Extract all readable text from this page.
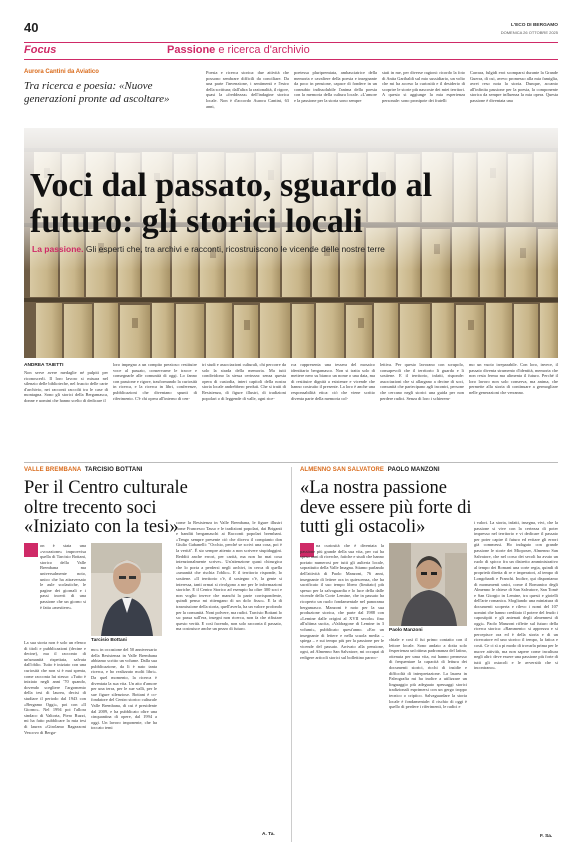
40	L'ECO DI BERGAMO
DOMENICA 26 OTTOBRE 2025
Focus	Passione e ricerca d'archivio
Aurora Cantini da Aviatico
Tra ricerca e poesia: «Nuove generazioni pronte ad ascoltare»
Poesia e ricerca storica: due attività che possono sembrare difficili da conciliare. Da una parte l'invenzione, i sentimenti e l'estro della scrittura; dall'altra la razionalità, il rigore, quasi la «freddezza» dell'indagine storica locale. Non è d'accordo Aurora Cantini, 63 anni,
poetessa pluripremiata, ambasciatrice della memoria e cavaliere della poesia e insegnante da poco in pensione, capace di fondere in un connubio indissolubile l'anima della poesia con la memoria della cultura locale. «L'amore e la passione per la storia sono sempre
stati in me, per diverse ragioni: ricordo la foto di Anita Garibaldi sul mio sussidiario, un volto che mi ha acceso la curiosità e il desiderio di scoprire le storie più nascoste dei miei territori. A questo si aggiunge la mia esperienza personale: sono pronipote dei fratelli
Carrara, fulgidi eroi scomparsi durante la Grande Guerra, di cui, avevo promesso alla mia famiglia, avrei reso nota la storia. Dunque, accanto all'infinita passione per la poesia, la componente storica da sempre influenza la mia opera. Questa passione è diventata una
Voci dal passato, sguardo al futuro: gli storici locali
La passione. Gli esperti che, tra archivi e racconti, ricostruiscono le vicende delle nostre terre
ANDREA TAIETTI
Non serve avere medaglie né pulpiti per riconoscerli. Il loro lavoro si misura nel silenzio delle biblioteche, nel fruscio delle carte d'archivio, nei racconti raccolti tra le case di montagna. Sono gli storici della Bergamasca, donne e uomini che hanno scelto di dedicare il
loro impegno a un compito prezioso: restituire voce al passato, conservarne le tracce e consegnarle alle comunità di oggi. Lo fanno con passione e rigore, trasformando la curiosità in ricerca, e la ricerca in libri, conferenze, pubblicazioni che diventano spunti di riferimento. C'è chi opera all'interno di cen-
tri studi e associazioni culturali, chi percorre da solo la strada della memoria. Ma tutti condividono la stessa certezza: senza questa opera di custodia, interi capitoli della nostra storia locale andrebbero perduti. Che si tratti di Resistenza, di figure illustri, di tradizioni popolari o di leggende di valle, ogni rice-
rca rappresenta una tessera del mosaico identitario bergamasco. Non si tratta solo di mettere nero su bianco un nome o una data, ma di restituire dignità a esistenze e vicende che hanno costruito il presente. La loro è anche una responsabilità etica: ciò che viene scritto diventa parte della memoria col-
lettiva. Per questo lavorano con scrupolo, consapevoli che il territorio li guarda e li sostiene. E il territorio, infatti, risponde: associazioni che si allargano a decine di soci, comunità che partecipano agli incontri, persone che cercano negli storici una guida per non perdere radici. Senza di loro i schierem-
mo un vuoto irreparabile. Con loro, invece, il passato diventa strumento d'identità, memoria che non resta ferma ma alimenta il futuro. Perché il loro lavoro non solo conserva, ma anima, che permette alla storia di continuare a germogliare nelle generazioni che verranno.
VALLE BREMBANA TARCISIO BOTTANI
Per il Centro culturale oltre trecento soci «Iniziato con la tesi»
on è stata una «vocazione» improvvisa quella di Tarcisio Bottani, storico della Valle Brembana ma universalmente noto, unico che ha attraversato le aule scolastiche, le pagine dei giornali e i passi incerti di una passione che un giorno si è fatta «mestiere».
Tarcisio Bottani
La sua storia non è solo un elenco di titoli e pubblicazioni (decine e decine), ma il racconto di un'umanità rispettata, salvata dall'oblio. Tutto è iniziato con una curiosità che non si è mai spenta, come racconta lui stesso: «Tutto è iniziato negli anni '70 quando, dovendo scegliere l'argomento della tesi di laurea, decisi di studiare il periodo dal 1943 con «Bergamo Oggi», poi con «Il Giorno». Nel 1994 poi l'allora sindaco di Valtorta, Piero Ruzzi, mi ha fatto pubblicare la mia tesi di laurea «Girolamo Ragazzoni Vescovo di Berga-
mo» in occasione del 50 anniversario della Resistenza in Valle Brembana abbiamo scritto un volume. Dalla sua pubblicazione, da lì è nato tanta ricerca, e ho realizzato molti libri». Da quel momento, la ricerca è diventata la sua vita. Un atto d'amore per una terra, per le sue valli, per le sue figure silenziose. Bottani è co-fondatore del Centro storico culturale Valle Brembana, di cui è presidente dal 2009, e ha pubblicato oltre una cinquantina di opere, dal 1994 a oggi. Un lavoro imponente, che ha toccato temi
come la Resistenza in Valle Brembana, le figure illustri come Francesco Tasso e le tradizioni popolari, dai Briganti e banditi bergamaschi ai Racconti popolari brembani. «Tengo sempre presente ciò che diceva il compianto don Giulio Gabanelli: "Occhio, perché se scrivi una cosa, poi è la verità". È sto sempre attento a non scrivere stupidaggini. Redditi anche errori, per carità, ma non ho mai cosa intenzionalmente scrive». Un'attenzione quasi chirurgica che lo porta a perdersi negli archivi, in cerca di quella «umanità che rischia l'oblio». E il territorio risponde, lo sostiene. «Il territorio c'è, il sostegno c'è, la gente si interessa, tanti ormai si rivolgono a me per le informazioni storiche. E il Centro Storico ad esempio ha oltre 300 soci e non voglio invece che manchi la parte corrispondente, quindi penso mi ritiengano di un dolo fisso». E la di trasmissione della storia, quell'averla, ha un valore profondo per la comunità. Noni polvere, ma radici. Tarcisio Bottani lo sa: passa sull'era, insegni non ricerca, non fa che rifiutare questo verità. E così facendo, non solo racconta il passato, ma costruisce anche un pezzo di futuro.
A. Ta.
ALMENNO SAN SALVATORE PAOLO MANZONI
«La nostra passione deve essere più forte di tutti gli ostacoli»
na curiosità che è diventata la passione più grande della sua vita, per cui ha speso anni di ricerche, fatiche e studi che hanno portato numerosi per tutti gli aulteria locale, soprattutto della Valle Imagna. Stiamo parlando dell'attività di Paolo Manzoni, 76 anni, insegnante di lettere ora in quiescenza, che ha sacrificato il suo tempo libero (limitato) più spesso per la salvaguardia e lo luce della dalle vicende della Corte Lemine, che in passato ha ricoperto un ruolo fondamentale nel panorama bergamasco. Manzoni è noto per la sua produzione storica, che parte dal 1988 con «Lemine dalle origini al XVII secolo» fino all'ultima uscita, «Valdragone di Lemine in 3 volumi», pubblicato quest'anno. «Ero un insegnante di lettere e nella scuola media – spiega – e sui tempo più per la passione per le vicende del passato. Arrivato alla pensione, ogni, ad Almenno San Salvatore, mi occupai di redigere articoli storici sul bollettino parroc-
Paolo Manzoni
chiale e così il fui primo contatto con il lettore locale. Sono andato a dotta solo fesperienza un'ottima padronanza del latino, ottenuta per uma vita, mi hanno permesso di frequentare la capacità di lettura dei documenti storici, ricchi di insidie e difficoltà di interpretazione. La laurea in Paleografia mi ha inoltre a utilizzare un linguaggio più adeguato spessaggi storici tradizionali esprimersi con un gergo troppo tecnico o criptico. Salvaguardare la storia locale è fondamentale: il rischio di oggi è quello di perdere i riferimenti, le radici e
i valori. La storia, infatti, insegna, vivi, che la passione si vive con la certezza di poter impresso nel territorio e vi dedicare il passato per poter capire il futuro ed evitare gli errori già commessi. Ho indagato con grande passione le storie dei Mioposer, Almenno San Salvatore, che nel corso dei secoli ha avuto un ruolo di spicco fra un distretto amministrativo al tempo dei Romani una corte regia, quindi di proprietà diretta di re e imperatori, al tempo di Longobardi e Franchi. Inoltre, qui disponiamo di monumenti unici, come il Romanico degli Almenno le chiese di San Salvatore, San Tomè e San Giorgio in Lemine, tra questi e gioielli dell'arte romanica. Sfogliando una miniatura di documenti scoperta e rilevo i nomi del 107 uomini che hanno creditato il potere del feudo i capostipiti e gli antenati degli almennesi di oggi». Paolo Manzoni riflette sul futuro della ricerca storica: «Rammento: si apprezza e si percepisce ora ed è della storia e di un ricercatore ed uno storico il tempo, la fatica e costi. Ce ci sì a pi modo di trovarla prima per le nuove attività, ma non sapere come incultura negli altri: deve essere una passione più forte di tutti gli ostacoli e le avversità che si incontrano».
F. Sa.
